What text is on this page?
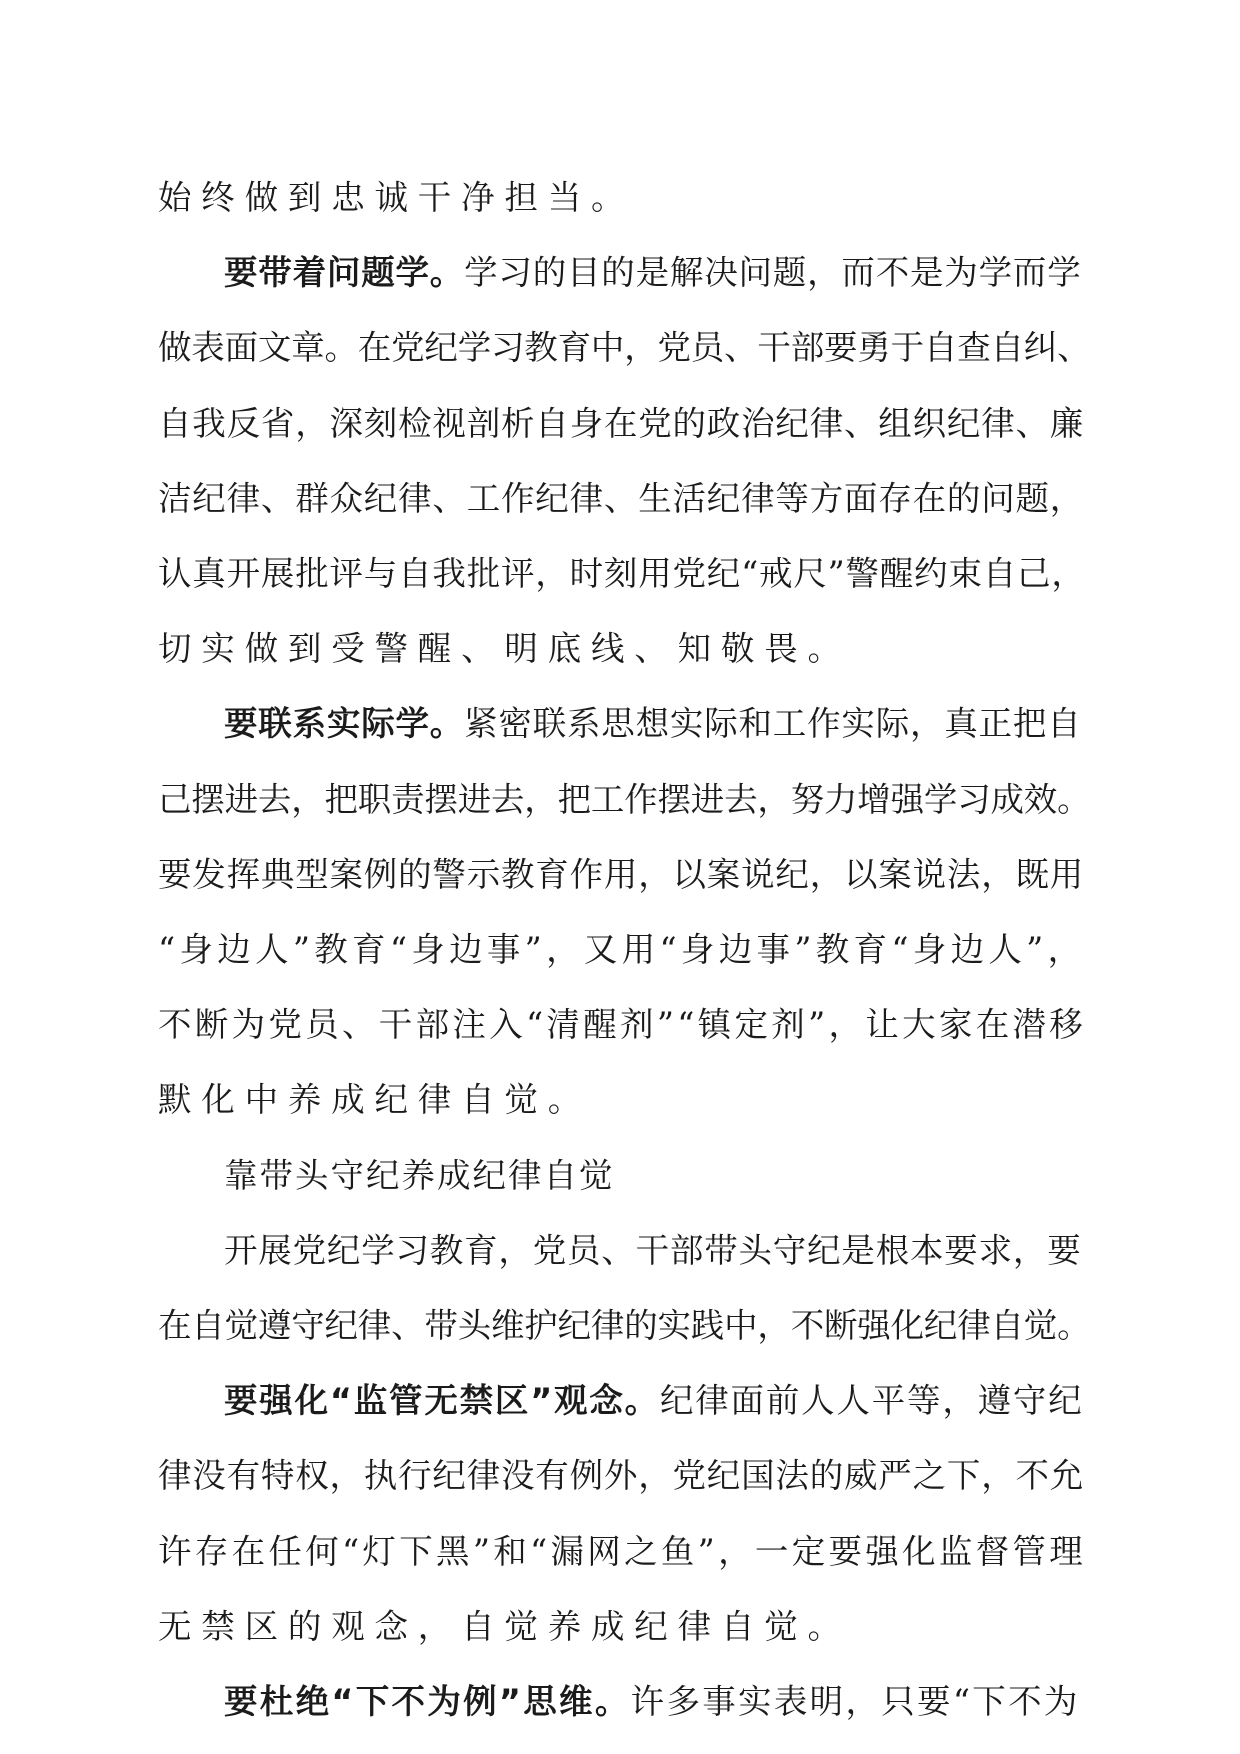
始终做到忠诚干净担当。
要带着问题学。学习的目的是解决问题，而不是为学而学
做表面文章。在党纪学习教育中，党员、干部要勇于自查自纠、
自我反省，深刻检视剖析自身在党的政治纪律、组织纪律、廉
洁纪律、群众纪律、工作纪律、生活纪律等方面存在的问题，
认真开展批评与自我批评，时刻用党纪“戒尺”警醒约束自己，
切实做到受警醒、明底线、知敬畏。
要联系实际学。紧密联系思想实际和工作实际，真正把自
己摆进去，把职责摆进去，把工作摆进去，努力增强学习成效。
要发挥典型案例的警示教育作用，以案说纪，以案说法，既用
“身边人”教育“身边事”，又用“身边事”教育“身边人”，
不断为党员、干部注入“清醒剂”“镇定剂”，让大家在潜移
默化中养成纪律自觉。
靠带头守纪养成纪律自觉
开展党纪学习教育，党员、干部带头守纪是根本要求，要
在自觉遵守纪律、带头维护纪律的实践中，不断强化纪律自觉。
要强化“监管无禁区”观念。纪律面前人人平等，遵守纪
律没有特权，执行纪律没有例外，党纪国法的威严之下，不允
许存在任何“灯下黑”和“漏网之鱼”，一定要强化监督管理
无禁区的观念，自觉养成纪律自觉。
要杜绝“下不为例”思维。许多事实表明，只要“下不为
